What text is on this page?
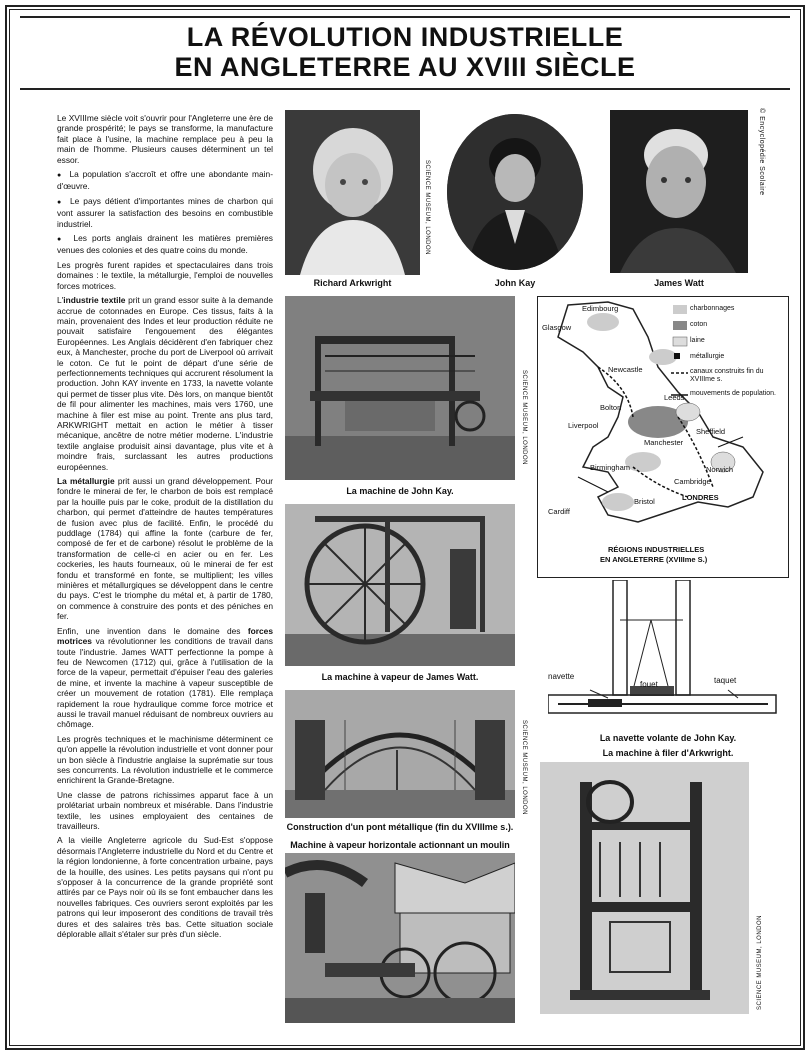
LA RÉVOLUTION INDUSTRIELLE
EN ANGLETERRE AU XVIII SIÈCLE

Le XVIIIme siècle voit s'ouvrir pour l'Angleterre une ère de grande prospérité; le pays se transforme, la manufacture fait place à l'usine, la machine remplace peu à peu la main de l'homme. Plusieurs causes déterminent un tel essor.

●  La population s'accroît et offre une abondante main-d'œuvre.

●  Le pays détient d'importantes mines de charbon qui vont assurer la satisfaction des besoins en combustible industriel.

●  Les ports anglais drainent les matières premières venues des colonies et des quatre coins du monde.

Les progrès furent rapides et spectaculaires dans trois domaines : le textile, la métallurgie, l'emploi de nouvelles forces motrices.

L'industrie textile prit un grand essor suite à la demande accrue de cotonnades en Europe. Ces tissus, faits à la main, provenaient des Indes et leur production réduite ne pouvait satisfaire l'engouement des élégantes Européennes. Les Anglais décidèrent d'en fabriquer chez eux, à Manchester, proche du port de Liverpool où arrivait le coton. Ce fut le point de départ d'une série de perfectionnements techniques qui accrurent résolument la production. John KAY invente en 1733, la navette volante qui permet de tisser plus vite. Dès lors, on manque bientôt de fil pour alimenter les machines, mais vers 1760, une machine à filer est mise au point. Trente ans plus tard, ARKWRIGHT mettait en action le métier à tisser mécanique, ancêtre de notre métier moderne. L'industrie textile anglaise produisit ainsi davantage, plus vite et à moindre frais, surclassant les autres productions européennes.

La métallurgie prit aussi un grand développement. Pour fondre le minerai de fer, le charbon de bois est remplacé par la houille puis par le coke, produit de la distillation du charbon, qui permet d'atteindre de hautes températures de fusion avec plus de facilité. Enfin, le procédé du puddlage (1784) qui affine la fonte (carbure de fer, composé de fer et de carbone) résolut le problème de la transformation de celle-ci en acier ou en fer. Les cockeries, les hauts fourneaux, où le minerai de fer est fondu et transformé en fonte, se multiplient; les villes minières et métallurgiques se développent dans le centre du pays. C'est le triomphe du métal et, à partir de 1780, on commence à construire des ponts et des péniches en fer.

Enfin, une invention dans le domaine des forces motrices va révolutionner les conditions de travail dans toute l'industrie. James WATT perfectionne la pompe à feu de Newcomen (1712) qui, grâce à l'utilisation de la force de la vapeur, permettait d'épuiser l'eau des galeries de mine, et invente la machine à vapeur susceptible de créer un mouvement de rotation (1781). Elle remplaça rapidement la roue hydraulique comme force motrice et aussi le travail manuel réduisant de nombreux ouvriers au chômage.

Les progrès techniques et le machinisme déterminent ce qu'on appelle la révolution industrielle et vont donner pour un bon siècle à l'industrie anglaise la suprématie sur tous ses concurrents. La révolution industrielle et le commerce enrichirent la Grande-Bretagne.

Une classe de patrons richissimes apparut face à un prolétariat urbain nombreux et misérable. Dans l'industrie textile, les usines employaient des centaines de travailleurs.

A la vieille Angleterre agricole du Sud-Est s'oppose désormais l'Angleterre industrielle du Nord et du Centre et la région londonienne, à forte concentration urbaine, pays de la houille, des usines. Les petits paysans qui n'ont pu s'opposer à la concurrence de la grande propriété sont attirés par ce Pays noir où ils se font embaucher dans les nouvelles fabriques. Ces ouvriers seront exploités par les patrons qui leur imposeront des conditions de travail très dures et des salaires très bas. Cette situation sociale déplorable allait s'étaler sur près d'un siècle.

SCIENCE MUSEUM, LONDON
Richard Arkwright	John Kay	James Watt
© Encyclopédie Scolaire
SCIENCE MUSEUM, LONDON
La machine de John Kay.
La machine à vapeur de James Watt.
SCIENCE MUSEUM, LONDON
Construction d'un pont métallique (fin du XVIIIme s.).
Machine à vapeur horizontale actionnant un moulin
charbonnages
coton
laine
métallurgie
canaux construits fin du XVIIIme s.
mouvements de population.
Glasgow
Edimbourg
Newcastle
Leeds
Bolton
Liverpool
Sheffield
Manchester
Birmingham	Norwich
Cambridge
LONDRES
Bristol
Cardiff
RÉGIONS INDUSTRIELLES
EN ANGLETERRE (XVIIIme S.)
fouet
navette	taquet
La navette volante de John Kay.
La machine à filer d'Arkwright.
SCIENCE MUSEUM, LONDON
